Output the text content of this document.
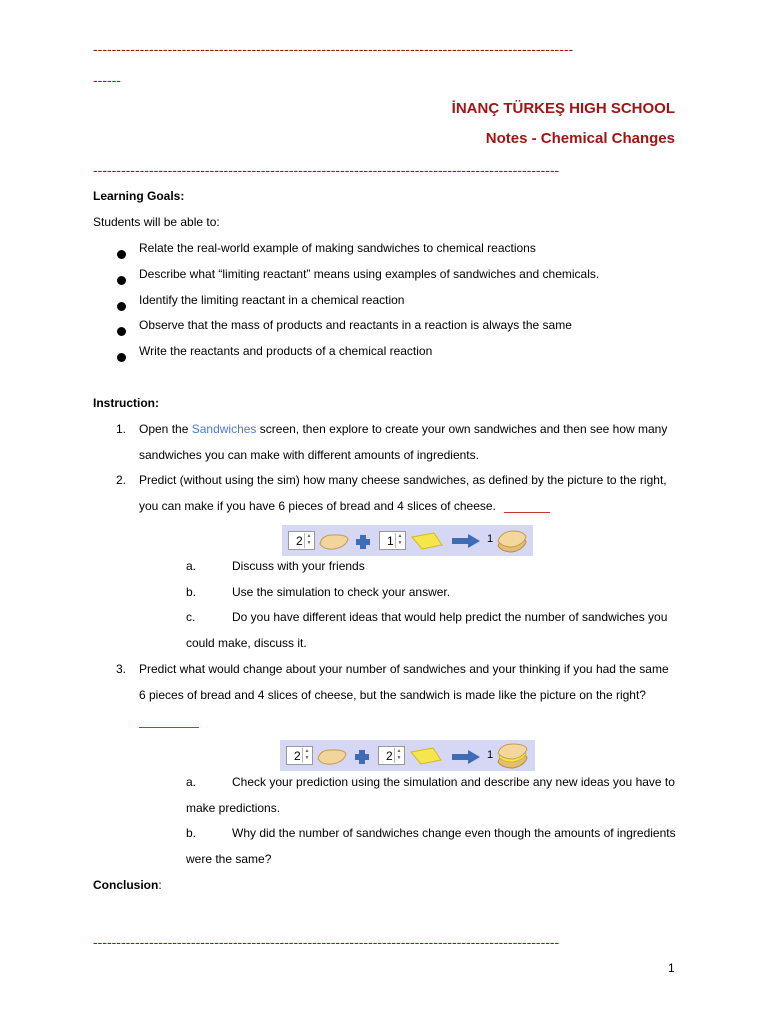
-------------------------------------------------------------------------------------------------------
------
İNANÇ TÜRKEŞ HIGH SCHOOL
Notes - Chemical Changes
----------------------------------------------------------------------------------------------------
Learning Goals:
Students will be able to:
Relate the real-world example of making sandwiches to chemical reactions
Describe what “limiting reactant” means using examples of sandwiches and chemicals.
Identify the limiting reactant in a chemical reaction
Observe that the mass of products and reactants in a reaction is always the same
Write the reactants and products of a chemical reaction
Instruction:
1. Open the Sandwiches screen, then explore to create your own sandwiches and then see how many
sandwiches you can make with different amounts of ingredients.
2. Predict (without using the sim) how many cheese sandwiches, as defined by the picture to the right,
you can make if you have 6 pieces of bread and 4 slices of cheese.
2 ▲
▼	1 ▲
▼	1
a.	Discuss with your friends
b.	Use the simulation to check your answer.
c.	Do you have different ideas that would help predict the number of sandwiches you
could make, discuss it.
3. Predict what would change about your number of sandwiches and your thinking if you had the same
6 pieces of bread and 4 slices of cheese, but the sandwich is made like the picture on the right?
2 ▲
▼	2 ▲
▼	1
a.	Check your prediction using the simulation and describe any new ideas you have to
make predictions.
b.	Why did the number of sandwiches change even though the amounts of ingredients
were the same?
Conclusion:
----------------------------------------------------------------------------------------------------
1
